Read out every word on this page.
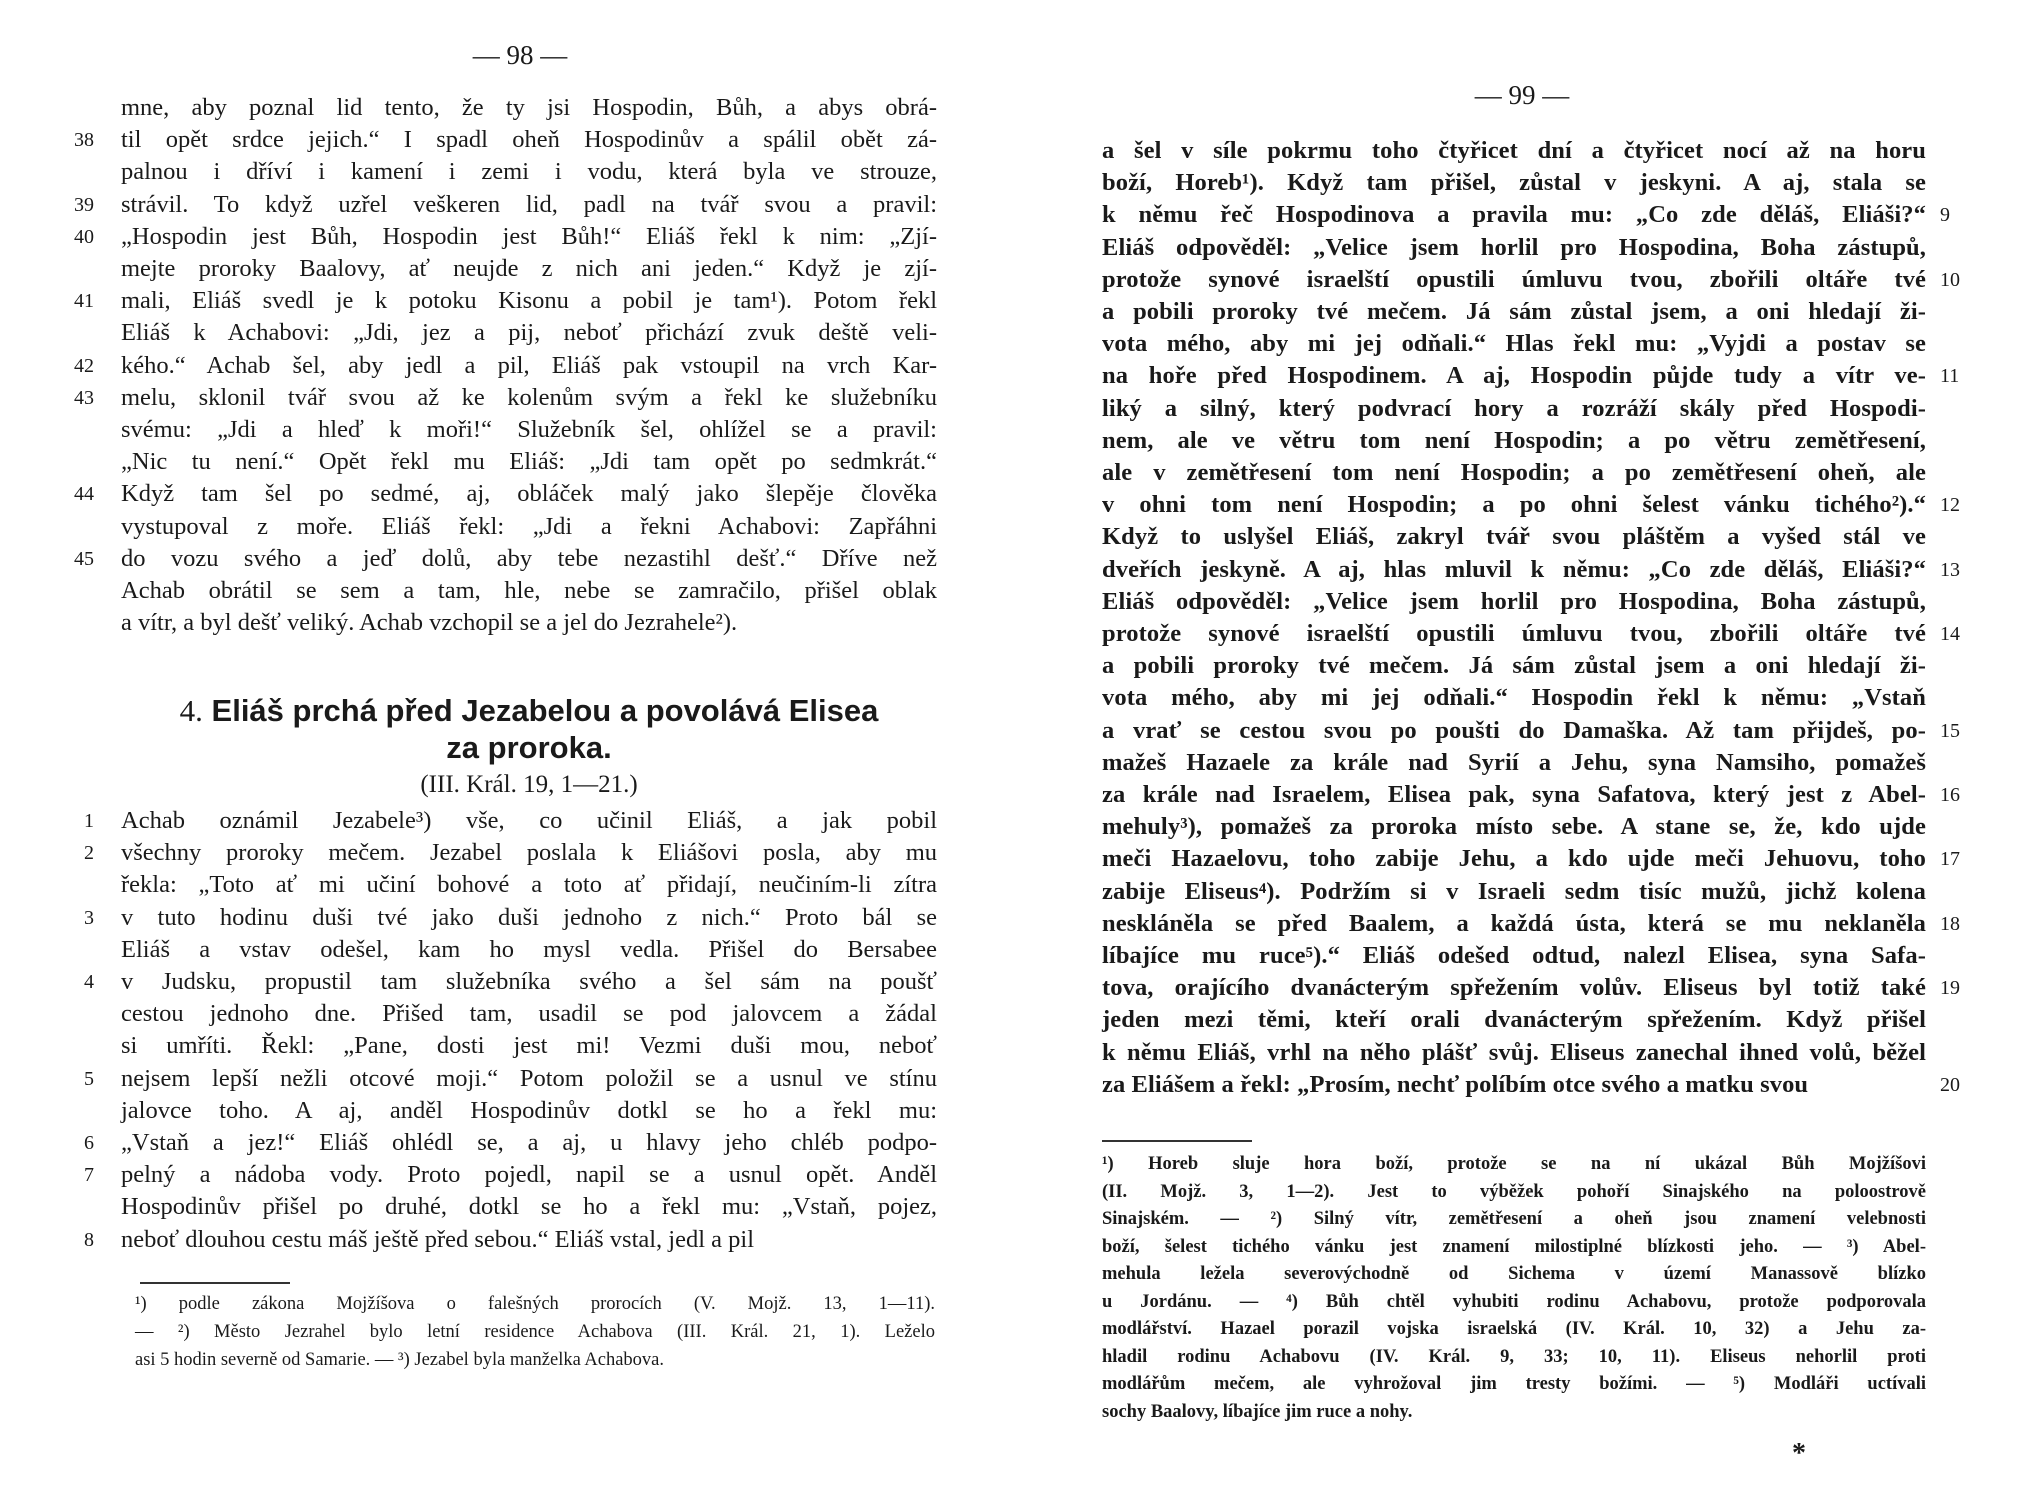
— 98 —
mne, aby poznal lid tento, že ty jsi Hospodin, Bůh, a abys obrá-
38 til opět srdce jejich.“ I spadl oheň Hospodinův a spálil obět zá-
palnou i dříví i kamení i zemi i vodu, která byla ve strouze,
39 strávil. To když uzřel veškeren lid, padl na tvář svou a pravil:
40 „Hospodin jest Bůh, Hospodin jest Bůh!“ Eliáš řekl k nim: „Zjí-
mejte proroky Baalovy, ať neujde z nich ani jeden.“ Když je zjí-
41 mali, Eliáš svedl je k potoku Kisonu a pobil je tam¹). Potom řekl
Eliáš k Achabovi: „Jdi, jez a pij, neboť přichází zvuk deště veli-
42 kého.“ Achab šel, aby jedl a pil, Eliáš pak vstoupil na vrch Kar-
43 melu, sklonil tvář svou až ke kolenům svým a řekl ke služebníku
svému: „Jdi a hleď k moři!“ Služebník šel, ohlížel se a pravil:
„Nic tu není.“ Opět řekl mu Eliáš: „Jdi tam opět po sedmkrát.“
44 Když tam šel po sedmé, aj, obláček malý jako šlepěje člověka
vystupoval z moře. Eliáš řekl: „Jdi a řekni Achabovi: Zapřáhni
45 do vozu svého a jeď dolů, aby tebe nezastihl dešť.“ Dříve než
Achab obrátil se sem a tam, hle, nebe se zamračilo, přišel oblak
a vítr, a byl dešť veliký. Achab vzchopil se a jel do Jezrahele²).
4. Eliáš prchá před Jezabelou a povolává Elisea
za proroka.
(III. Král. 19, 1—21.)
1 Achab oznámil Jezabele³) vše, co učinil Eliáš, a jak pobil
2 všechny proroky mečem. Jezabel poslala k Eliášovi posla, aby mu
řekla: „Toto ať mi učiní bohové a toto ať přidají, neučiním-li zítra
3 v tuto hodinu duši tvé jako duši jednoho z nich.“ Proto bál se
Eliáš a vstav odešel, kam ho mysl vedla. Přišel do Bersabee
4 v Judsku, propustil tam služebníka svého a šel sám na poušť
cestou jednoho dne. Přišed tam, usadil se pod jalovcem a žádal
si umříti. Řekl: „Pane, dosti jest mi! Vezmi duši mou, neboť
5 nejsem lepší nežli otcové moji.“ Potom položil se a usnul ve stínu
jalovce toho. A aj, anděl Hospodinův dotkl se ho a řekl mu:
6 „Vstaň a jez!“ Eliáš ohlédl se, a aj, u hlavy jeho chléb podpo-
7 pelný a nádoba vody. Proto pojedl, napil se a usnul opět. Anděl
Hospodinův přišel po druhé, dotkl se ho a řekl mu: „Vstaň, pojez,
8 neboť dlouhou cestu máš ještě před sebou.“ Eliáš vstal, jedl a pil
¹) podle zákona Mojžíšova o falešných prorocích (V. Mojž. 13, 1—11).
— ²) Město Jezrahel bylo letní residence Achabova (III. Král. 21, 1). Leželo
asi 5 hodin severně od Samarie. — ³) Jezabel byla manželka Achabova.
— 99 —
a šel v síle pokrmu toho čtyřicet dní a čtyřicet nocí až na horu
boží, Horeb¹). Když tam přišel, zůstal v jeskyni. A aj, stala se
9
k němu řeč Hospodinova a pravila mu: „Co zde děláš, Eliáši?“
Eliáš odpověděl: „Velice jsem horlil pro Hospodina, Boha zástupů,
10
protože synové israelští opustili úmluvu tvou, zbořili oltáře tvé
a pobili proroky tvé mečem. Já sám zůstal jsem, a oni hledají ži-
vota mého, aby mi jej odňali.“ Hlas řekl mu: „Vyjdi a postav se
11
na hoře před Hospodinem. A aj, Hospodin půjde tudy a vítr ve-
liký a silný, který podvrací hory a rozráží skály před Hospodi-
nem, ale ve větru tom není Hospodin; a po větru zemětřesení,
ale v zemětřesení tom není Hospodin; a po zemětřesení oheň, ale
12
v ohni tom není Hospodin; a po ohni šelest vánku tichého²).“
Když to uslyšel Eliáš, zakryl tvář svou pláštěm a vyšed stál ve
13
dveřích jeskyně. A aj, hlas mluvil k němu: „Co zde děláš, Eliáši?“
Eliáš odpověděl: „Velice jsem horlil pro Hospodina, Boha zástupů,
14
protože synové israelští opustili úmluvu tvou, zbořili oltáře tvé
a pobili proroky tvé mečem. Já sám zůstal jsem a oni hledají ži-
vota mého, aby mi jej odňali.“ Hospodin řekl k němu: „Vstaň
15
a vrať se cestou svou po poušti do Damaška. Až tam přijdeš, po-
mažeš Hazaele za krále nad Syrií a Jehu, syna Namsiho, pomažeš
16
za krále nad Israelem, Elisea pak, syna Safatova, který jest z Abel-
mehuly³), pomažeš za proroka místo sebe. A stane se, že, kdo ujde
17
meči Hazaelovu, toho zabije Jehu, a kdo ujde meči Jehuovu, toho
zabije Eliseus⁴). Podržím si v Israeli sedm tisíc mužů, jichž kolena
18
neskláněla se před Baalem, a každá ústa, která se mu neklaněla
líbajíce mu ruce⁵).“ Eliáš odešed odtud, nalezl Elisea, syna Safa-
19
tova, orajícího dvanácterým spřežením volův. Eliseus byl totiž také
jeden mezi těmi, kteří orali dvanácterým spřežením. Když přišel
k němu Eliáš, vrhl na něho plášť svůj. Eliseus zanechal ihned volů, běžel
20
za Eliášem a řekl: „Prosím, nechť políbím otce svého a matku svou
¹) Horeb sluje hora boží, protože se na ní ukázal Bůh Mojžíšovi
(II. Mojž. 3, 1—2). Jest to výběžek pohoří Sinajského na poloostrově
Sinajském. — ²) Silný vítr, zemětřesení a oheň jsou znamení velebnosti
boží, šelest tichého vánku jest znamení milostiplné blízkosti jeho. — ³) Abel-
mehula ležela severovýchodně od Sichema v území Manassově blízko
u Jordánu. — ⁴) Bůh chtěl vyhubiti rodinu Achabovu, protože podporovala
modlářství. Hazael porazil vojska israelská (IV. Král. 10, 32) a Jehu za-
hladil rodinu Achabovu (IV. Král. 9, 33; 10, 11). Eliseus nehorlil proti
modlářům mečem, ale vyhrožoval jim tresty božími. — ⁵) Modláři uctívali
sochy Baalovy, líbajíce jim ruce a nohy.
*
